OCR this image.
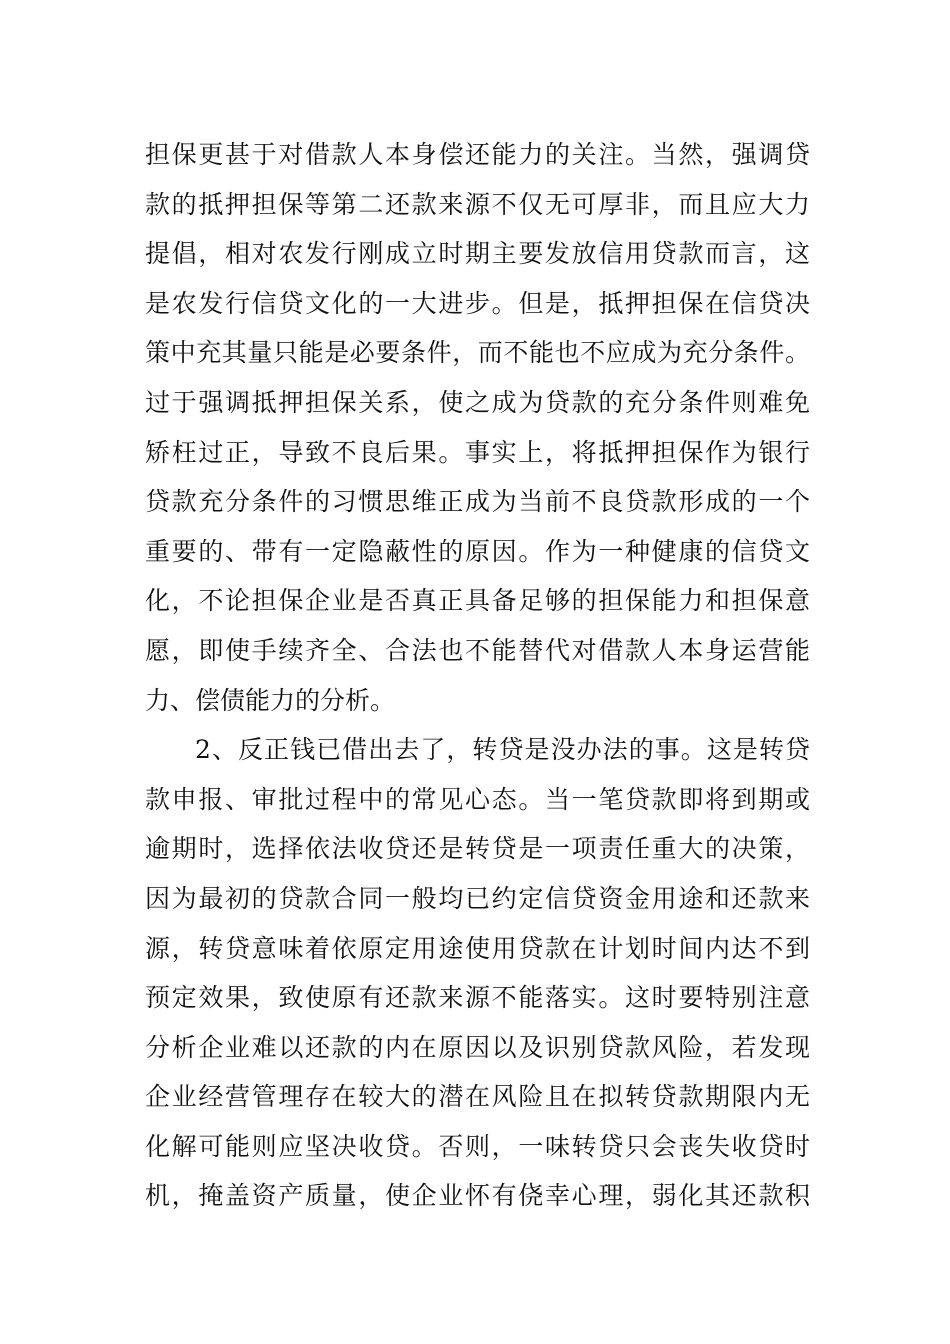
担保更甚于对借款人本身偿还能力的关注。当然，强调贷
款的抵押担保等第二还款来源不仅无可厚非，而且应大力
提倡，相对农发行刚成立时期主要发放信用贷款而言，这
是农发行信贷文化的一大进步。但是，抵押担保在信贷决
策中充其量只能是必要条件，而不能也不应成为充分条件。
过于强调抵押担保关系，使之成为贷款的充分条件则难免
矫枉过正，导致不良后果。事实上，将抵押担保作为银行
贷款充分条件的习惯思维正成为当前不良贷款形成的一个
重要的、带有一定隐蔽性的原因。作为一种健康的信贷文
化，不论担保企业是否真正具备足够的担保能力和担保意
愿，即使手续齐全、合法也不能替代对借款人本身运营能
力、偿债能力的分析。
2、反正钱已借出去了，转贷是没办法的事。这是转贷
款申报、审批过程中的常见心态。当一笔贷款即将到期或
逾期时，选择依法收贷还是转贷是一项责任重大的决策，
因为最初的贷款合同一般均已约定信贷资金用途和还款来
源，转贷意味着依原定用途使用贷款在计划时间内达不到
预定效果，致使原有还款来源不能落实。这时要特别注意
分析企业难以还款的内在原因以及识别贷款风险，若发现
企业经营管理存在较大的潜在风险且在拟转贷款期限内无
化解可能则应坚决收贷。否则，一味转贷只会丧失收贷时
机，掩盖资产质量，使企业怀有侥幸心理，弱化其还款积
